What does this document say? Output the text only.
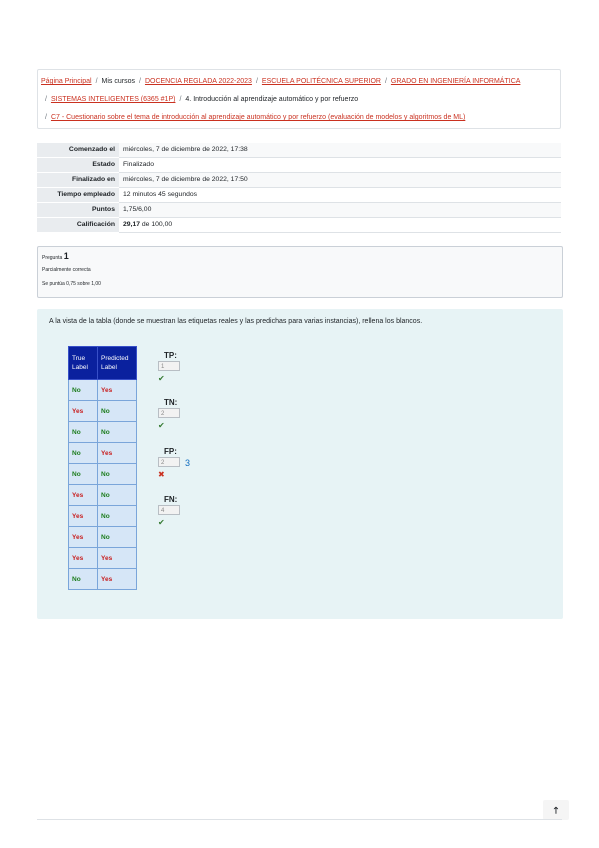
Página Principal / Mis cursos / DOCENCIA REGLADA 2022-2023 / ESCUELA POLITÉCNICA SUPERIOR / GRADO EN INGENIERÍA INFORMÁTICA
/ SISTEMAS INTELIGENTES (6365 #1P) / 4. Introducción al aprendizaje automático y por refuerzo
/ C7 - Cuestionario sobre el tema de introducción al aprendizaje automático y por refuerzo (evaluación de modelos y algoritmos de ML)
Comenzado el	miércoles, 7 de diciembre de 2022, 17:38
Estado	Finalizado
Finalizado en	miércoles, 7 de diciembre de 2022, 17:50
Tiempo empleado	12 minutos 45 segundos
Puntos	1,75/6,00
Calificación	29,17 de 100,00
Pregunta 1
Parcialmente correcta
Se puntúa 0,75 sobre 1,00
A la vista de la tabla (donde se muestran las etiquetas reales y las predichas para varias instancias), rellena los blancos.
True Label	Predicted Label
No	Yes
Yes	No
No	No
No	Yes
No	No
Yes	No
Yes	No
Yes	No
Yes	Yes
No	Yes
TP:
1
✔
TN:
2
✔
FP:
2	3
✖
FN:
4
✔
🡑
